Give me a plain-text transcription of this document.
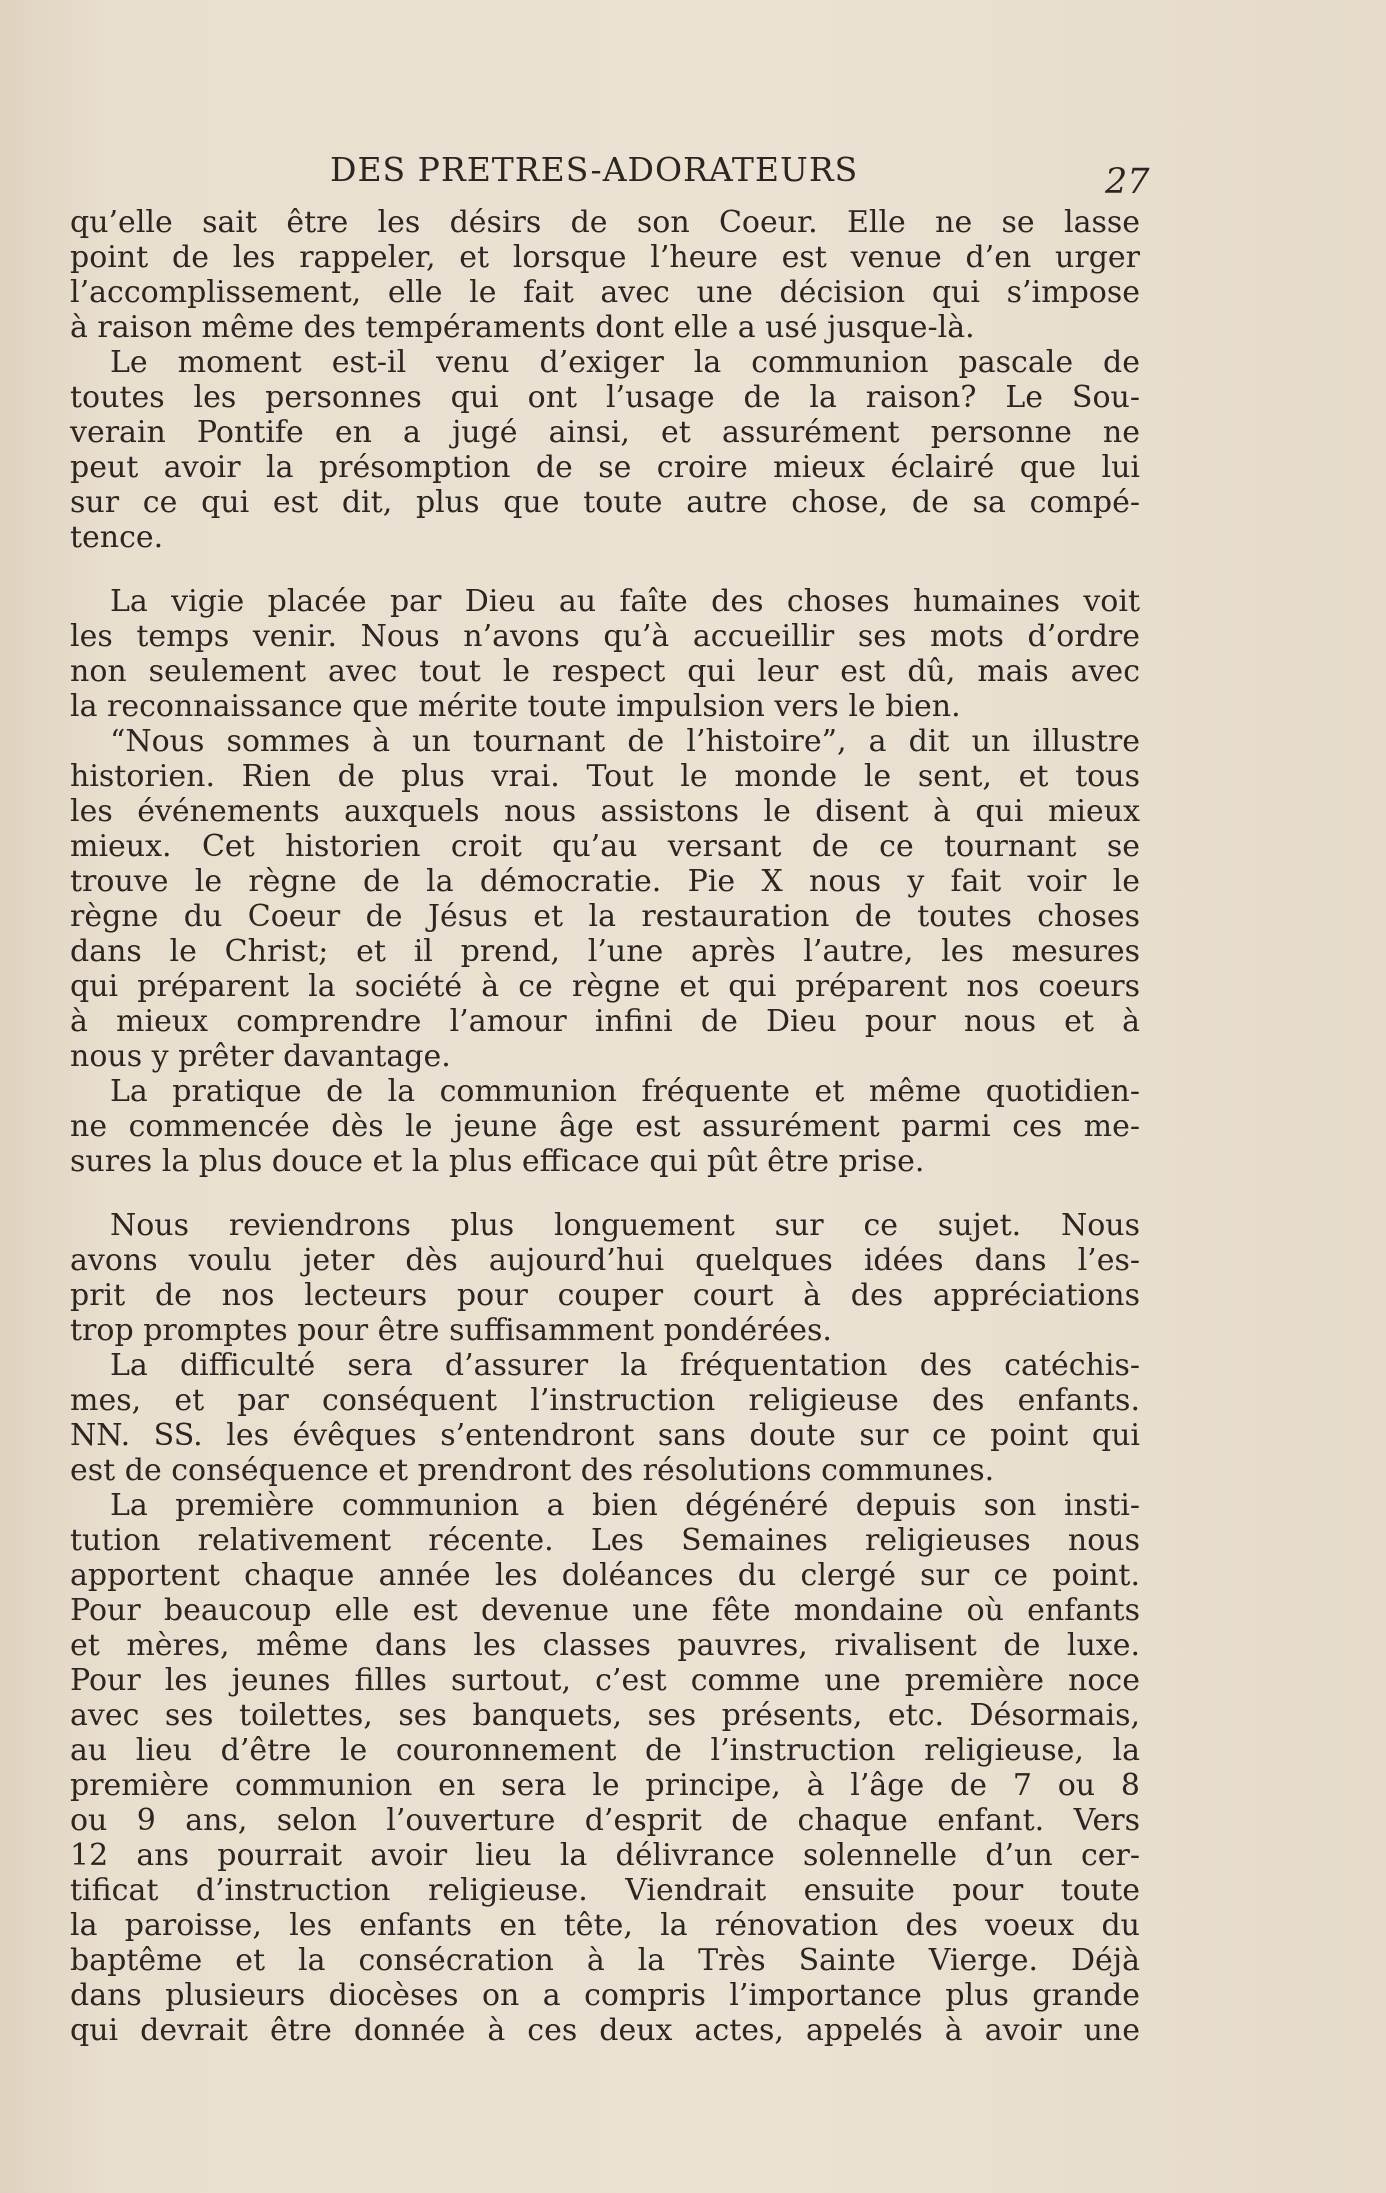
DES PRETRES-ADORATEURS	27

qu’elle sait être les désirs de son Coeur. Elle ne se lasse

point de les rappeler, et lorsque l’heure est venue d’en urger

l’accomplissement, elle le fait avec une décision qui s’impose

à raison même des tempéraments dont elle a usé jusque-là.

Le moment est-il venu d’exiger la communion pascale de

toutes les personnes qui ont l’usage de la raison? Le Sou-

verain Pontife en a jugé ainsi, et assurément personne ne

peut avoir la présomption de se croire mieux éclairé que lui

sur ce qui est dit, plus que toute autre chose, de sa compé-

tence.

La vigie placée par Dieu au faîte des choses humaines voit

les temps venir. Nous n’avons qu’à accueillir ses mots d’ordre

non seulement avec tout le respect qui leur est dû, mais avec

la reconnaissance que mérite toute impulsion vers le bien.

“Nous sommes à un tournant de l’histoire”, a dit un illustre

historien. Rien de plus vrai. Tout le monde le sent, et tous

les événements auxquels nous assistons le disent à qui mieux

mieux. Cet historien croit qu’au versant de ce tournant se

trouve le règne de la démocratie. Pie X nous y fait voir le

règne du Coeur de Jésus et la restauration de toutes choses

dans le Christ; et il prend, l’une après l’autre, les mesures

qui préparent la société à ce règne et qui préparent nos coeurs

à mieux comprendre l’amour infini de Dieu pour nous et à

nous y prêter davantage.

La pratique de la communion fréquente et même quotidien-

ne commencée dès le jeune âge est assurément parmi ces me-

sures la plus douce et la plus efficace qui pût être prise.

Nous reviendrons plus longuement sur ce sujet. Nous

avons voulu jeter dès aujourd’hui quelques idées dans l’es-

prit de nos lecteurs pour couper court à des appréciations

trop promptes pour être suffisamment pondérées.

La difficulté sera d’assurer la fréquentation des catéchis-

mes, et par conséquent l’instruction religieuse des enfants.

NN. SS. les évêques s’entendront sans doute sur ce point qui

est de conséquence et prendront des résolutions communes.

La première communion a bien dégénéré depuis son insti-

tution relativement récente. Les Semaines religieuses nous

apportent chaque année les doléances du clergé sur ce point.

Pour beaucoup elle est devenue une fête mondaine où enfants

et mères, même dans les classes pauvres, rivalisent de luxe.

Pour les jeunes filles surtout, c’est comme une première noce

avec ses toilettes, ses banquets, ses présents, etc. Désormais,

au lieu d’être le couronnement de l’instruction religieuse, la

première communion en sera le principe, à l’âge de 7 ou 8

ou 9 ans, selon l’ouverture d’esprit de chaque enfant. Vers

12 ans pourrait avoir lieu la délivrance solennelle d’un cer-

tificat d’instruction religieuse. Viendrait ensuite pour toute

la paroisse, les enfants en tête, la rénovation des voeux du

baptême et la consécration à la Très Sainte Vierge. Déjà

dans plusieurs diocèses on a compris l’importance plus grande

qui devrait être donnée à ces deux actes, appelés à avoir une
